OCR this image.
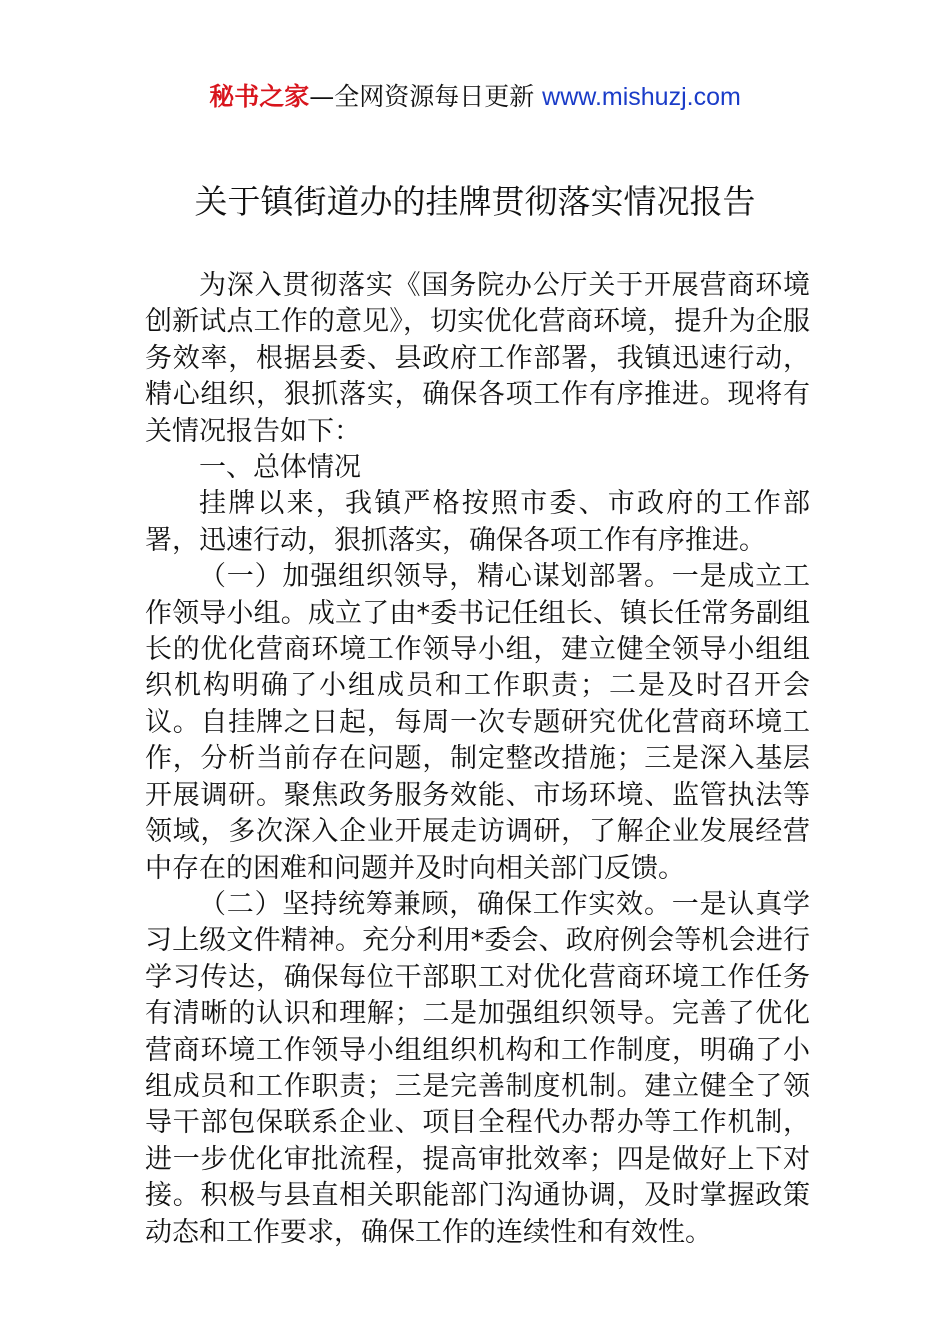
秘书之家—全网资源每日更新 www.mishuzj.com
关于镇街道办的挂牌贯彻落实情况报告

为深入贯彻落实《国务院办公厅关于开展营商环境创新试点工作的意见》，切实优化营商环境，提升为企服务效率，根据县委、县政府工作部署，我镇迅速行动，精心组织，狠抓落实，确保各项工作有序推进。现将有关情况报告如下：

一、总体情况

挂牌以来，我镇严格按照市委、市政府的工作部署，迅速行动，狠抓落实，确保各项工作有序推进。

（一）加强组织领导，精心谋划部署。一是成立工作领导小组。成立了由*委书记任组长、镇长任常务副组长的优化营商环境工作领导小组，建立健全领导小组组织机构明确了小组成员和工作职责；二是及时召开会议。自挂牌之日起，每周一次专题研究优化营商环境工作，分析当前存在问题，制定整改措施；三是深入基层开展调研。聚焦政务服务效能、市场环境、监管执法等领域，多次深入企业开展走访调研，了解企业发展经营中存在的困难和问题并及时向相关部门反馈。

（二）坚持统筹兼顾，确保工作实效。一是认真学习上级文件精神。充分利用*委会、政府例会等机会进行学习传达，确保每位干部职工对优化营商环境工作任务有清晰的认识和理解；二是加强组织领导。完善了优化营商环境工作领导小组组织机构和工作制度，明确了小组成员和工作职责；三是完善制度机制。建立健全了领导干部包保联系企业、项目全程代办帮办等工作机制，进一步优化审批流程，提高审批效率；四是做好上下对接。积极与县直相关职能部门沟通协调，及时掌握政策动态和工作要求，确保工作的连续性和有效性。
